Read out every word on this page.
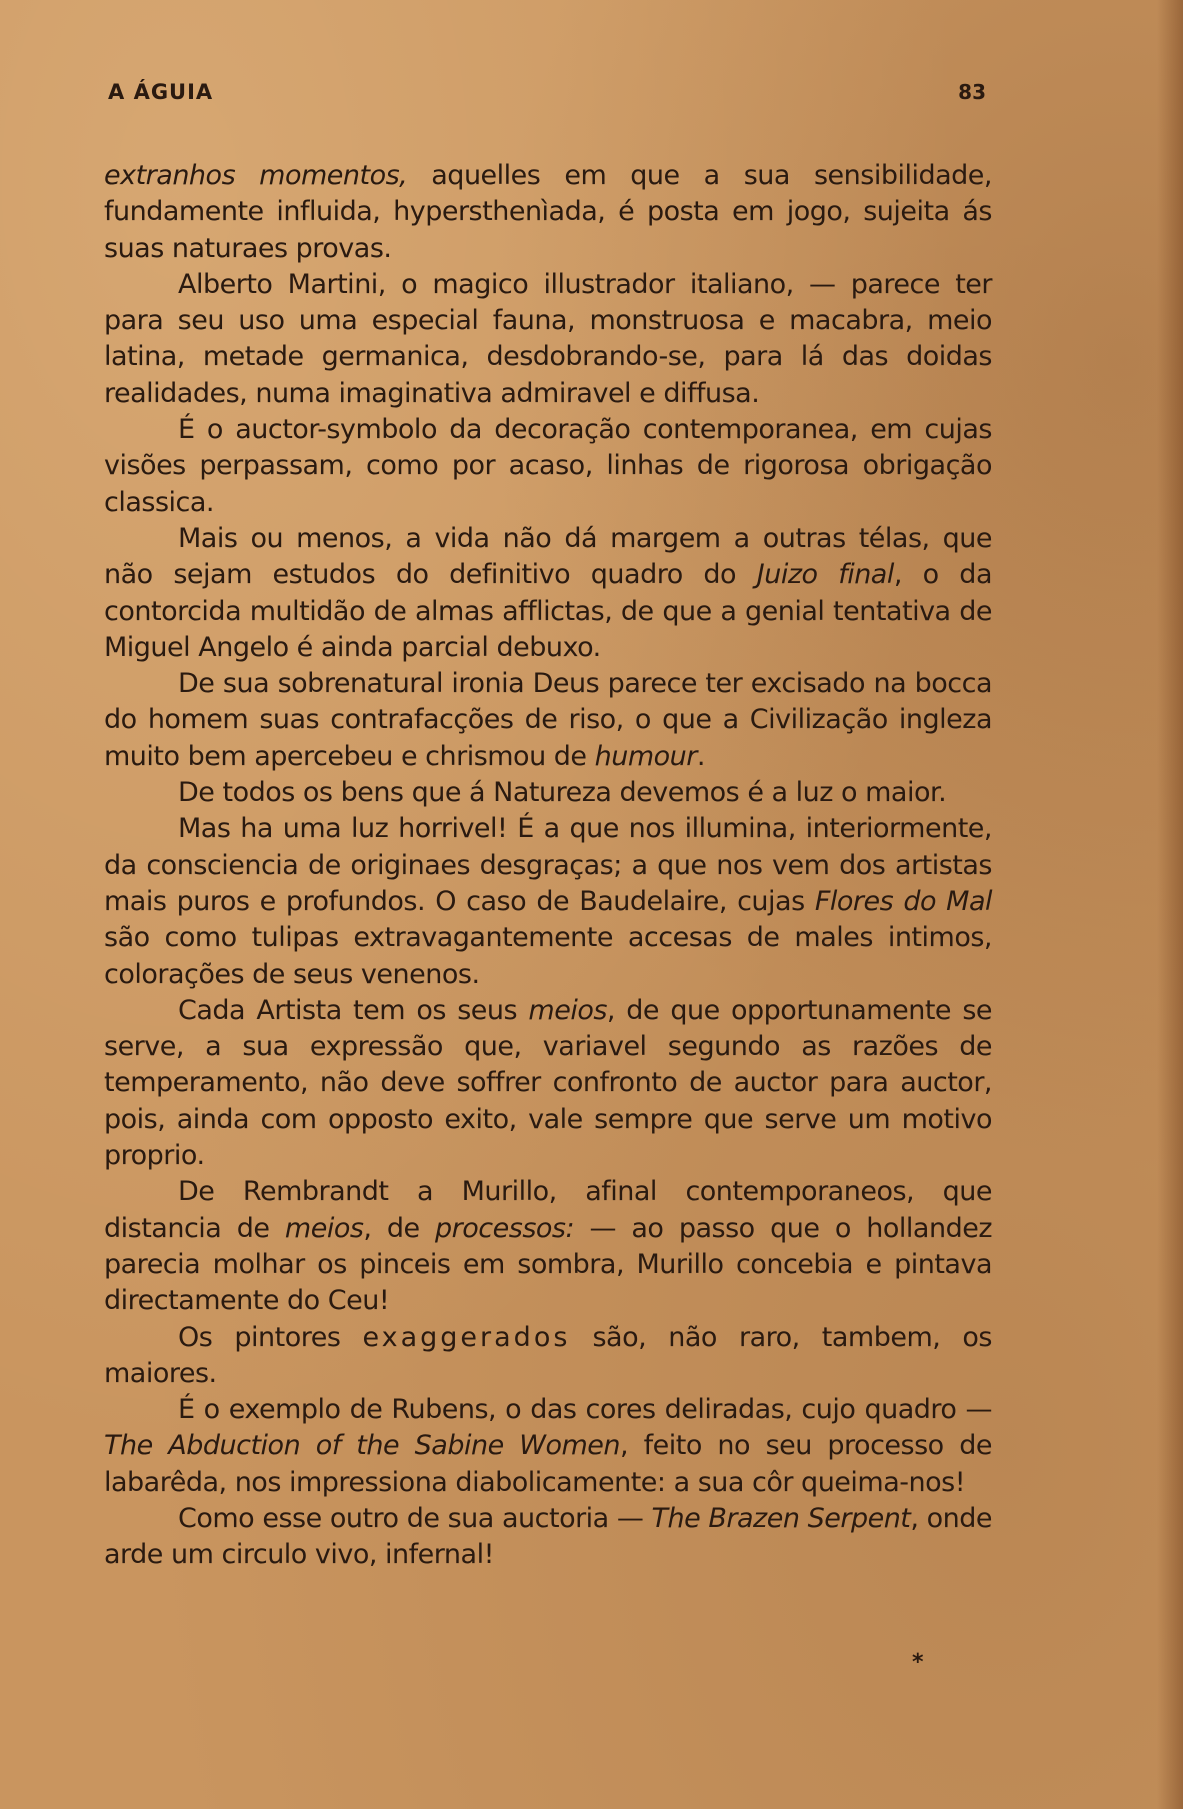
A ÁGUIA	83

extranhos momentos, aquelles em que a sua sensibilidade, fundamente influida, hypersthenìada, é posta em jogo, sujeita ás suas naturaes provas.

Alberto Martini, o magico illustrador italiano, — parece ter para seu uso uma especial fauna, monstruosa e macabra, meio latina, metade germanica, desdobrando-se, para lá das doidas realidades, numa imaginativa admiravel e diffusa.

É o auctor-symbolo da decoração contemporanea, em cujas visões perpassam, como por acaso, linhas de rigorosa obrigação classica.

Mais ou menos, a vida não dá margem a outras télas, que não sejam estudos do definitivo quadro do Juizo final, o da contorcida multidão de almas afflictas, de que a genial tentativa de Miguel Angelo é ainda parcial debuxo.

De sua sobrenatural ironia Deus parece ter excisado na bocca do homem suas contrafacções de riso, o que a Civilização ingleza muito bem apercebeu e chrismou de humour.

De todos os bens que á Natureza devemos é a luz o maior.

Mas ha uma luz horrivel! É a que nos illumina, interiormente, da consciencia de originaes desgraças; a que nos vem dos artistas mais puros e profundos. O caso de Baudelaire, cujas Flores do Mal são como tulipas extravagantemente accesas de males intimos, colorações de seus venenos.

Cada Artista tem os seus meios, de que opportunamente se serve, a sua expressão que, variavel segundo as razões de temperamento, não deve soffrer confronto de auctor para auctor, pois, ainda com opposto exito, vale sempre que serve um motivo proprio.

De Rembrandt a Murillo, afinal contemporaneos, que distancia de meios, de processos: — ao passo que o hollandez parecia molhar os pinceis em sombra, Murillo concebia e pintava directamente do Ceu!

Os pintores exaggerados são, não raro, tambem, os maiores.

É o exemplo de Rubens, o das cores deliradas, cujo quadro — The Abduction of the Sabine Women, feito no seu processo de labarêda, nos impressiona diabolicamente: a sua côr queima-nos!

Como esse outro de sua auctoria — The Brazen Serpent, onde arde um circulo vivo, infernal!

*
